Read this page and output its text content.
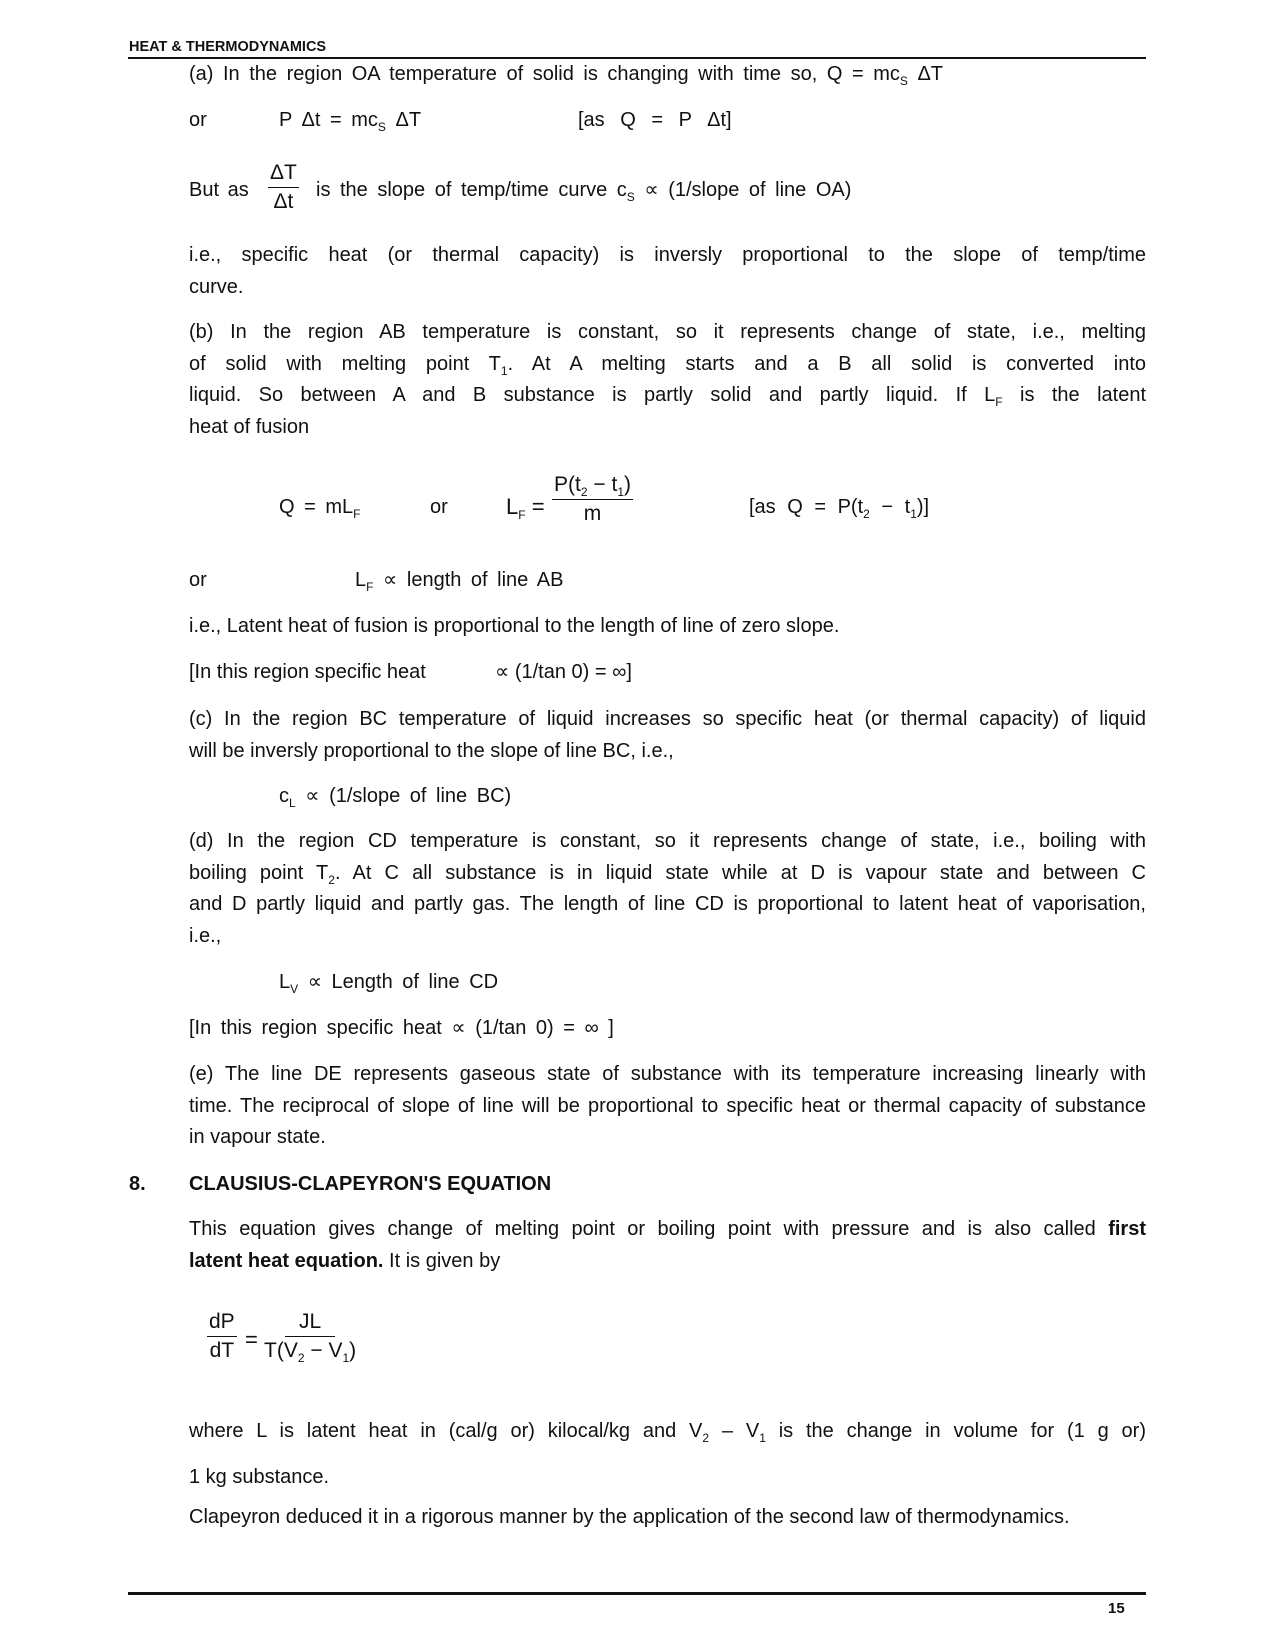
HEAT & THERMODYNAMICS
(a) In the region OA temperature of solid is changing with time so, $Q = mc_S$ ΔT
or	P $\Delta t = mc_S$ ΔT	[as Q = P Δt]
But as $\frac{\Delta T}{\Delta t}$ is the slope of temp/time curve $c_S$ ∝ (1/slope of line OA)
i.e., specific heat (or thermal capacity) is inversly proportional to the slope of temp/time
curve.
(b) In the region AB temperature is constant, so it represents change of state, i.e., melting
of solid with melting point $T_1$. At A melting starts and a B all solid is converted into
liquid. So between A and B substance is partly solid and partly liquid. If $L_F$ is the latent
heat of fusion
$Q = mL_F$	or	$L_F = \frac{P(t_2 - t_1)}{m}$	[as $Q = P(t_2 - t_1)$]
or	$L_F$ ∝ length of line AB
i.e., Latent heat of fusion is proportional to the length of line of zero slope.
[In this region specific heat	∝ (1/tan 0) = ∞]
(c) In the region BC temperature of liquid increases so specific heat (or thermal capacity) of liquid
will be inversly proportional to the slope of line BC, i.e.,
$c_L$ ∝ (1/slope of line BC)
(d) In the region CD temperature is constant, so it represents change of state, i.e., boiling with
boiling point $T_2$. At C all substance is in liquid state while at D is vapour state and between C
and D partly liquid and partly gas. The length of line CD is proportional to latent heat of vaporisation,
i.e.,
$L_V$ ∝ Length of line CD
[In this region specific heat ∝ (1/tan 0) = ∞ ]
(e) The line DE represents gaseous state of substance with its temperature increasing linearly with
time. The reciprocal of slope of line will be proportional to specific heat or thermal capacity of substance
in vapour state.
8. CLAUSIUS-CLAPEYRON'S EQUATION
This equation gives change of melting point or boiling point with pressure and is also called first
latent heat equation. It is given by
$\frac{dP}{dT} = \frac{JL}{T(V_2 - V_1)}$
where L is latent heat in (cal/g or) kilocal/kg and $V_2 - V_1$ is the change in volume for (1 g or)
1 kg substance.
Clapeyron deduced it in a rigorous manner by the application of the second law of thermodynamics.
15
